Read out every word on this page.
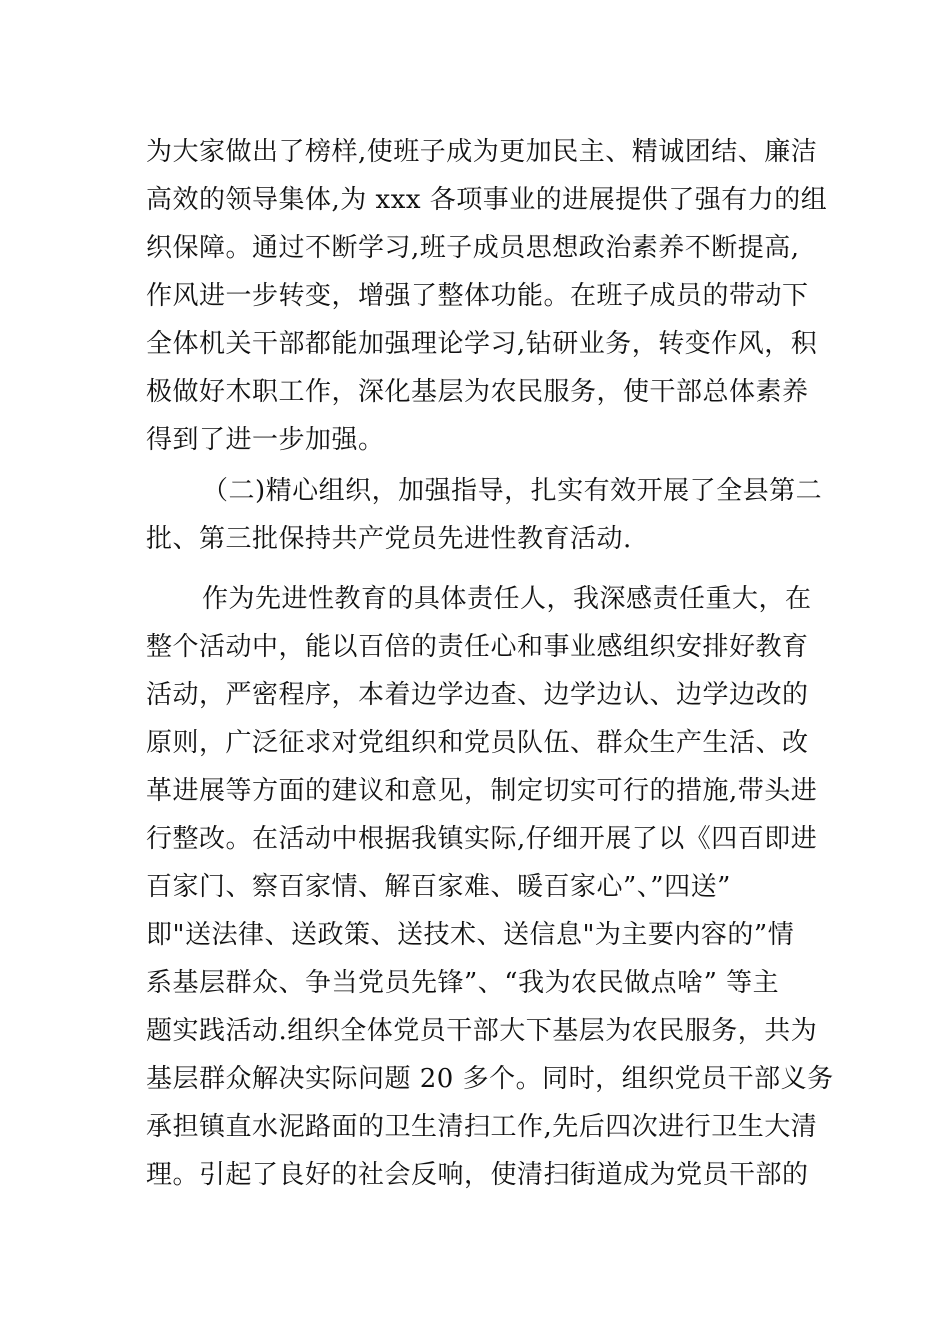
为大家做出了榜样,使班子成为更加民主、精诚团结、廉洁
高效的领导集体,为 xxx 各项事业的进展提供了强有力的组
织保障。通过不断学习,班子成员思想政治素养不断提高,
作风进一步转变，增强了整体功能。在班子成员的带动下
全体机关干部都能加强理论学习,钻研业务，转变作风，积
极做好木职工作，深化基层为农民服务，使干部总体素养
得到了进一步加强。
（二)精心组织，加强指导，扎实有效开展了全县第二
批、第三批保持共产党员先进性教育活动.
作为先进性教育的具体责任人，我深感责任重大，在
整个活动中，能以百倍的责任心和事业感组织安排好教育
活动，严密程序，本着边学边查、边学边认、边学边改的
原则，广泛征求对党组织和党员队伍、群众生产生活、改
革进展等方面的建议和意见，制定切实可行的措施,带头进
行整改。在活动中根据我镇实际,仔细开展了以《四百即进
百家门、察百家情、解百家难、暖百家心”、”四送”
即"送法律、送政策、送技术、送信息"为主要内容的”情
系基层群众、争当党员先锋”、“我为农民做点啥” 等主
题实践活动.组织全体党员干部大下基层为农民服务，共为
基层群众解决实际问题 20 多个。同时，组织党员干部义务
承担镇直水泥路面的卫生清扫工作,先后四次进行卫生大清
理。引起了良好的社会反响，使清扫街道成为党员干部的
